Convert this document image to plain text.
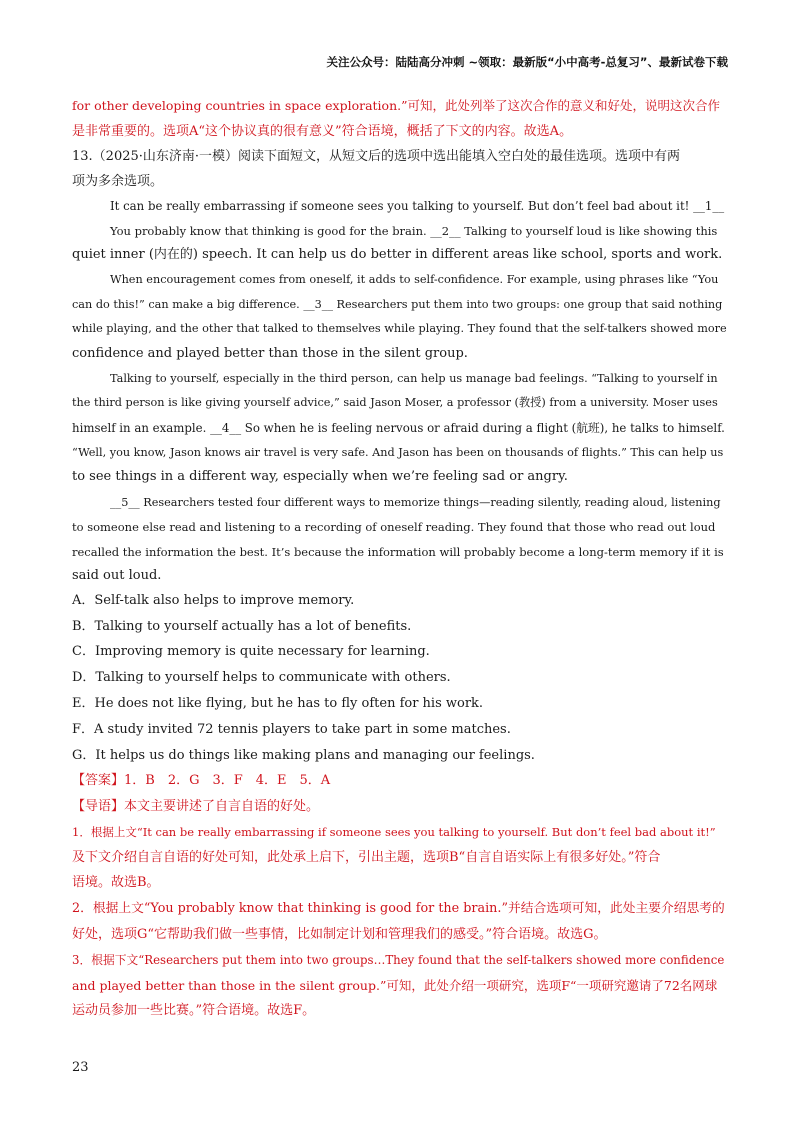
关注公众号：陆陆高分冲刺 ~领取：最新版“小中高考-总复习”、最新试卷下载
for other developing countries in space exploration.”可知，此处列举了这次合作的意义和好处，说明这次合作
是非常重要的。选项A“这个协议真的很有意义”符合语境，概括了下文的内容。故选A。
13.（2025·山东济南·一模）阅读下面短文，从短文后的选项中选出能填入空白处的最佳选项。选项中有两
项为多余选项。
It can be really embarrassing if someone sees you talking to yourself. But don’t feel bad about it! __1__
You probably know that thinking is good for the brain. __2__ Talking to yourself loud is like showing this
quiet inner (内在的) speech. It can help us do better in different areas like school, sports and work.
When encouragement comes from oneself, it adds to self-confidence. For example, using phrases like “You
can do this!” can make a big difference. __3__ Researchers put them into two groups: one group that said nothing
while playing, and the other that talked to themselves while playing. They found that the self-talkers showed more
confidence and played better than those in the silent group.
Talking to yourself, especially in the third person, can help us manage bad feelings. “Talking to yourself in
the third person is like giving yourself advice,” said Jason Moser, a professor (教授) from a university. Moser uses
himself in an example. __4__ So when he is feeling nervous or afraid during a flight (航班), he talks to himself.
“Well, you know, Jason knows air travel is very safe. And Jason has been on thousands of flights.” This can help us
to see things in a different way, especially when we’re feeling sad or angry.
__5__ Researchers tested four different ways to memorize things—reading silently, reading aloud, listening
to someone else read and listening to a recording of oneself reading. They found that those who read out loud
recalled the information the best. It’s because the information will probably become a long-term memory if it is
said out loud.
A．Self-talk also helps to improve memory.
B．Talking to yourself actually has a lot of benefits.
C．Improving memory is quite necessary for learning.
D．Talking to yourself helps to communicate with others.
E．He does not like flying, but he has to fly often for his work.
F．A study invited 72 tennis players to take part in some matches.
G．It helps us do things like making plans and managing our feelings.
【答案】1．B　2．G　3．F　4．E　5．A
【导语】本文主要讲述了自言自语的好处。
1．根据上文“It can be really embarrassing if someone sees you talking to yourself. But don’t feel bad about it!”
及下文介绍自言自语的好处可知，此处承上启下，引出主题，选项B“自言自语实际上有很多好处。”符合
语境。故选B。
2．根据上文“You probably know that thinking is good for the brain.”并结合选项可知，此处主要介绍思考的
好处，选项G“它帮助我们做一些事情，比如制定计划和管理我们的感受。”符合语境。故选G。
3．根据下文“Researchers put them into two groups…They found that the self-talkers showed more confidence
and played better than those in the silent group.”可知，此处介绍一项研究，选项F“一项研究邀请了72名网球
运动员参加一些比赛。”符合语境。故选F。
23
